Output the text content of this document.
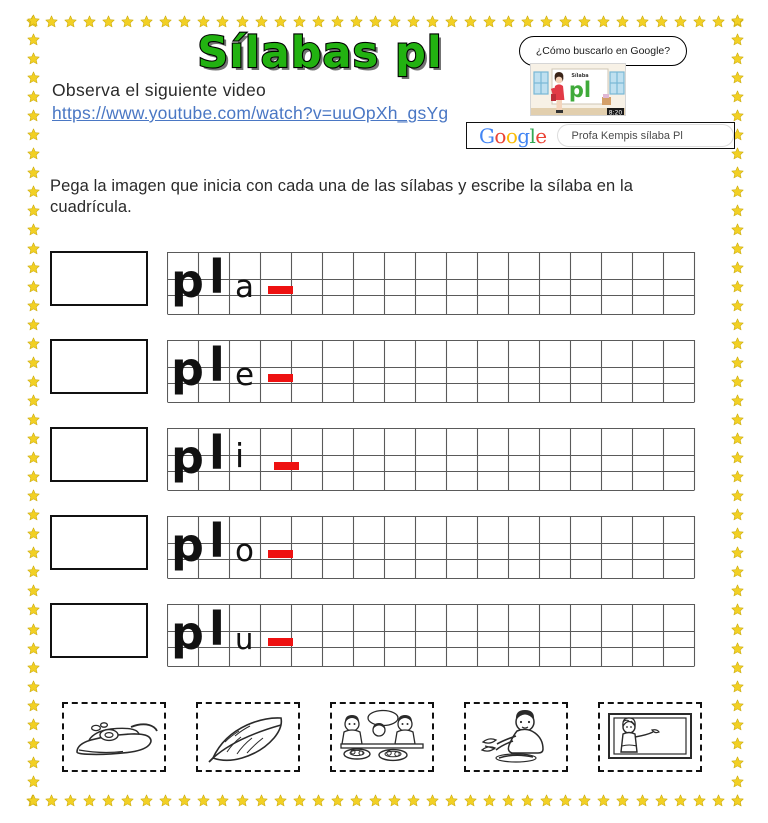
Sílabas pl
Observa el siguiente video
https://www.youtube.com/watch?v=uuOpXh_gsYg
¿Cómo buscarlo en Google?
Sílaba
pl
8:20
Google	Profa Kempis sílaba Pl
Pega la imagen que inicia con cada una de las sílabas y escribe la sílaba en la cuadrícula.
p l a
p l e
p l i
p l o
p l u
